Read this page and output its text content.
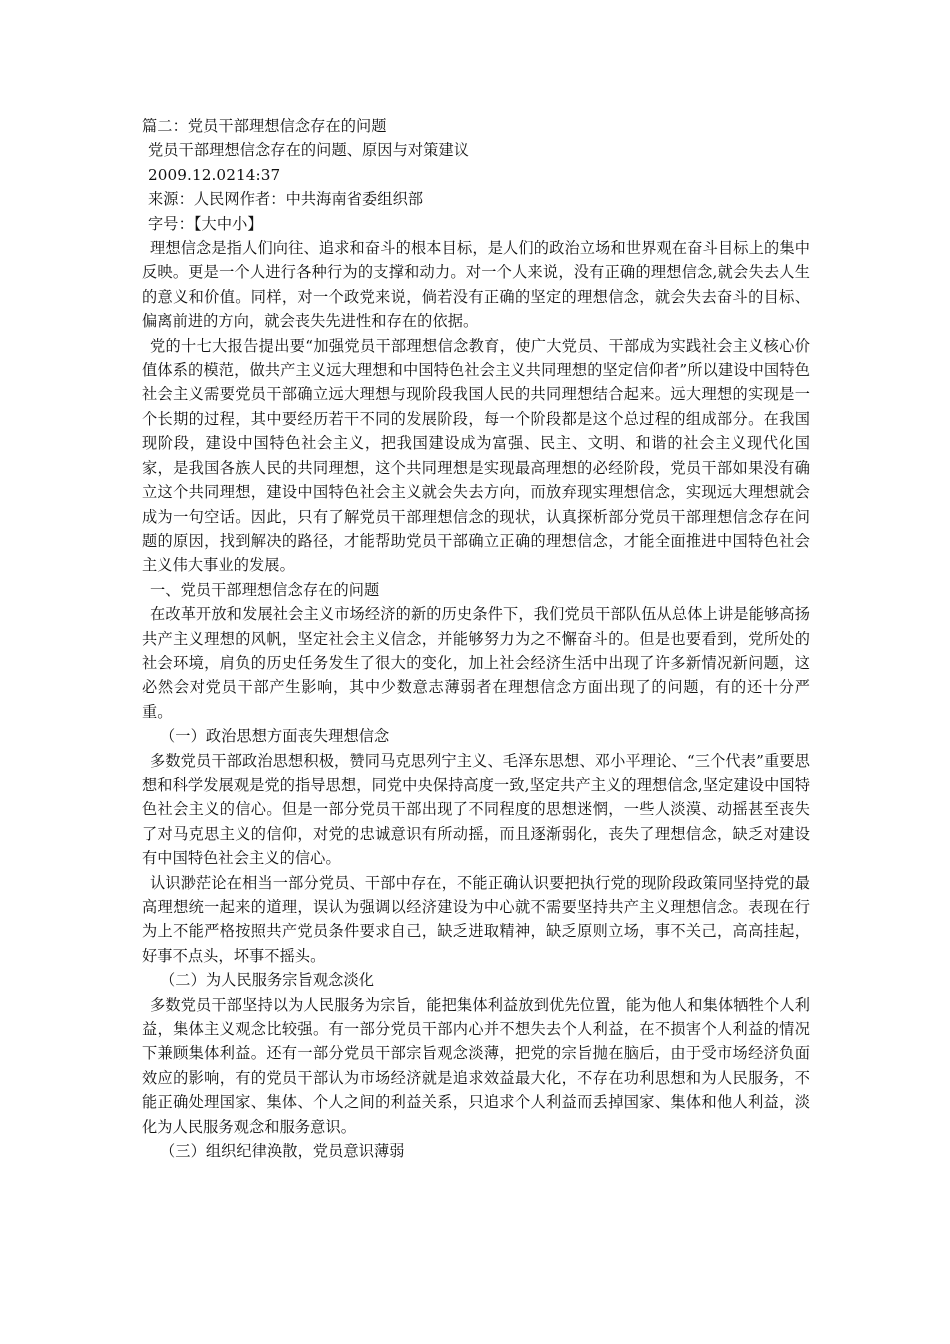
篇二：党员干部理想信念存在的问题

党员干部理想信念存在的问题、原因与对策建议

2009.12.0214:37

来源：人民网作者：中共海南省委组织部

字号：【大中小】

理想信念是指人们向往、追求和奋斗的根本目标，是人们的政治立场和世界观在奋斗目标上的集中反映。更是一个人进行各种行为的支撑和动力。对一个人来说，没有正确的理想信念,就会失去人生的意义和价值。同样，对一个政党来说，倘若没有正确的坚定的理想信念，就会失去奋斗的目标、偏离前进的方向，就会丧失先进性和存在的依据。

党的十七大报告提出要“加强党员干部理想信念教育，使广大党员、干部成为实践社会主义核心价值体系的模范，做共产主义远大理想和中国特色社会主义共同理想的坚定信仰者”所以建设中国特色社会主义需要党员干部确立远大理想与现阶段我国人民的共同理想结合起来。远大理想的实现是一个长期的过程，其中要经历若干不同的发展阶段，每一个阶段都是这个总过程的组成部分。在我国现阶段，建设中国特色社会主义，把我国建设成为富强、民主、文明、和谐的社会主义现代化国家，是我国各族人民的共同理想，这个共同理想是实现最高理想的必经阶段，党员干部如果没有确立这个共同理想，建设中国特色社会主义就会失去方向，而放弃现实理想信念，实现远大理想就会成为一句空话。因此，只有了解党员干部理想信念的现状，认真探析部分党员干部理想信念存在问题的原因，找到解决的路径，才能帮助党员干部确立正确的理想信念，才能全面推进中国特色社会主义伟大事业的发展。

一、党员干部理想信念存在的问题

在改革开放和发展社会主义市场经济的新的历史条件下，我们党员干部队伍从总体上讲是能够高扬共产主义理想的风帆，坚定社会主义信念，并能够努力为之不懈奋斗的。但是也要看到，党所处的社会环境，肩负的历史任务发生了很大的变化，加上社会经济生活中出现了许多新情况新问题，这必然会对党员干部产生影响，其中少数意志薄弱者在理想信念方面出现了的问题，有的还十分严重。

（一）政治思想方面丧失理想信念

多数党员干部政治思想积极，赞同马克思列宁主义、毛泽东思想、邓小平理论、“三个代表”重要思想和科学发展观是党的指导思想，同党中央保持高度一致,坚定共产主义的理想信念,坚定建设中国特色社会主义的信心。但是一部分党员干部出现了不同程度的思想迷惘，一些人淡漠、动摇甚至丧失了对马克思主义的信仰，对党的忠诚意识有所动摇，而且逐渐弱化，丧失了理想信念，缺乏对建设有中国特色社会主义的信心。

认识渺茫论在相当一部分党员、干部中存在，不能正确认识要把执行党的现阶段政策同坚持党的最高理想统一起来的道理，误认为强调以经济建设为中心就不需要坚持共产主义理想信念。表现在行为上不能严格按照共产党员条件要求自己，缺乏进取精神，缺乏原则立场，事不关己，高高挂起，好事不点头，坏事不摇头。

（二）为人民服务宗旨观念淡化

多数党员干部坚持以为人民服务为宗旨，能把集体利益放到优先位置，能为他人和集体牺牲个人利益，集体主义观念比较强。有一部分党员干部内心并不想失去个人利益，在不损害个人利益的情况下兼顾集体利益。还有一部分党员干部宗旨观念淡薄，把党的宗旨抛在脑后，由于受市场经济负面效应的影响，有的党员干部认为市场经济就是追求效益最大化，不存在功利思想和为人民服务，不能正确处理国家、集体、个人之间的利益关系，只追求个人利益而丢掉国家、集体和他人利益，淡化为人民服务观念和服务意识。

（三）组织纪律涣散，党员意识薄弱
